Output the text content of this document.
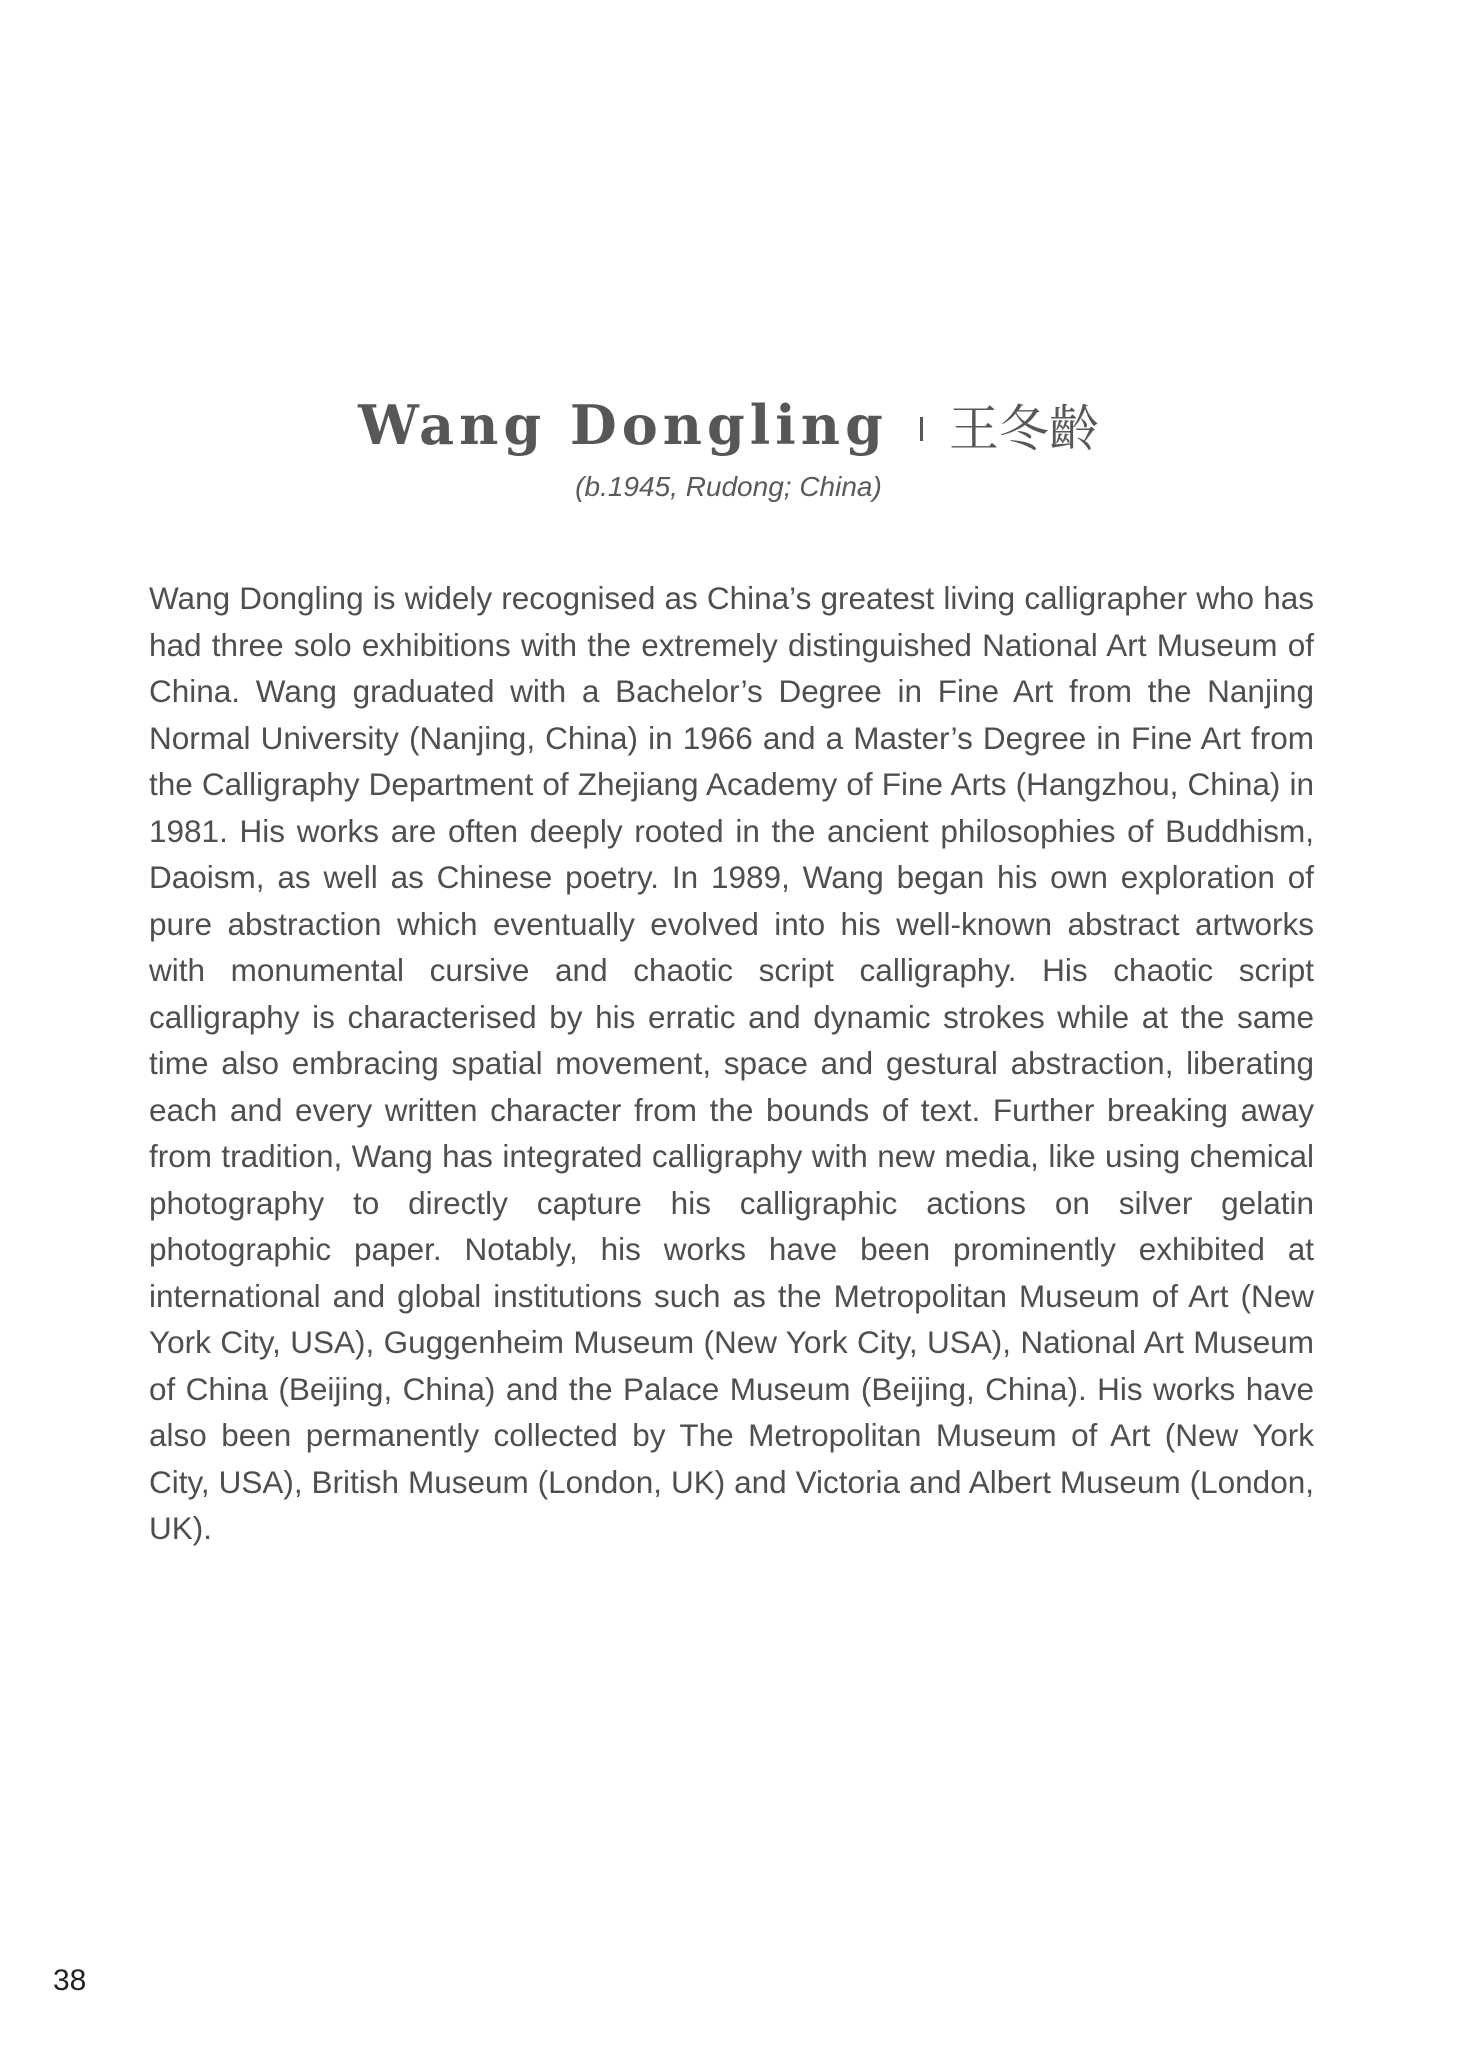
Wang Dongling 王冬齡
(b.1945, Rudong; China)

Wang Dongling is widely recognised as China’s greatest living calligrapher who has had three solo exhibitions with the extremely distinguished National Art Museum of China. Wang graduated with a Bachelor’s Degree in Fine Art from the Nanjing Normal University (Nanjing, China) in 1966 and a Master’s Degree in Fine Art from the Calligraphy Department of Zhejiang Academy of Fine Arts (Hangzhou, China) in 1981. His works are often deeply rooted in the ancient philosophies of Buddhism, Daoism, as well as Chinese poetry. In 1989, Wang began his own exploration of pure abstraction which eventually evolved into his well-known abstract artworks with monumental cursive and chaotic script calligraphy. His chaotic script calligraphy is characterised by his erratic and dynamic strokes while at the same time also embracing spatial movement, space and gestural abstraction, liberating each and every written character from the bounds of text. Further breaking away from tradition, Wang has integrated calligraphy with new media, like using chemical photography to directly capture his calligraphic actions on silver gelatin photographic paper. Notably, his works have been prominently exhibited at international and global institutions such as the Metropolitan Museum of Art (New York City, USA), Guggenheim Museum (New York City, USA), National Art Museum of China (Beijing, China) and the Palace Museum (Beijing, China). His works have also been permanently collected by The Metropolitan Museum of Art (New York City, USA), British Museum (London, UK) and Victoria and Albert Museum (London, UK).

38
